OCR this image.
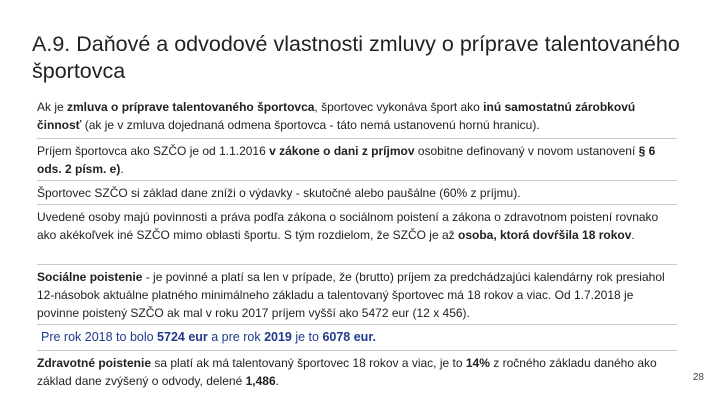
A.9. Daňové a odvodové vlastnosti zmluvy o príprave talentovaného športovca

Ak je zmluva o príprave talentovaného športovca, športovec vykonáva šport ako inú samostatnú zárobkovú činnosť (ak je v zmluva dojednaná odmena športovca - táto nemá ustanovenú hornú hranicu).

Príjem športovca ako SZČO je od 1.1.2016 v zákone o dani z príjmov osobitne definovaný v novom ustanovení § 6 ods. 2 písm. e).

Športovec SZČO si základ dane zníži o výdavky - skutočné alebo paušálne (60% z príjmu).

Uvedené osoby majú povinnosti a práva podľa zákona o sociálnom poistení a zákona o zdravotnom poistení rovnako ako akékoľvek iné SZČO mimo oblasti športu. S tým rozdielom, že SZČO je až osoba, ktorá dovŕšila 18 rokov.

Sociálne poistenie - je povinné a platí sa len v prípade, že (brutto) príjem za predchádzajúci kalendárny rok presiahol 12-násobok aktuálne platného minimálneho základu a talentovaný športovec má 18 rokov a viac. Od 1.7.2018 je povinne poistený SZČO ak mal v roku 2017 príjem vyšší ako 5472 eur (12 x 456).

Pre rok 2018 to bolo 5724 eur a pre rok 2019 je to 6078 eur.

Zdravotné poistenie sa platí ak má talentovaný športovec 18 rokov a viac, je to 14% z ročného základu daného ako základ dane zvýšený o odvody, delené 1,486.	28
